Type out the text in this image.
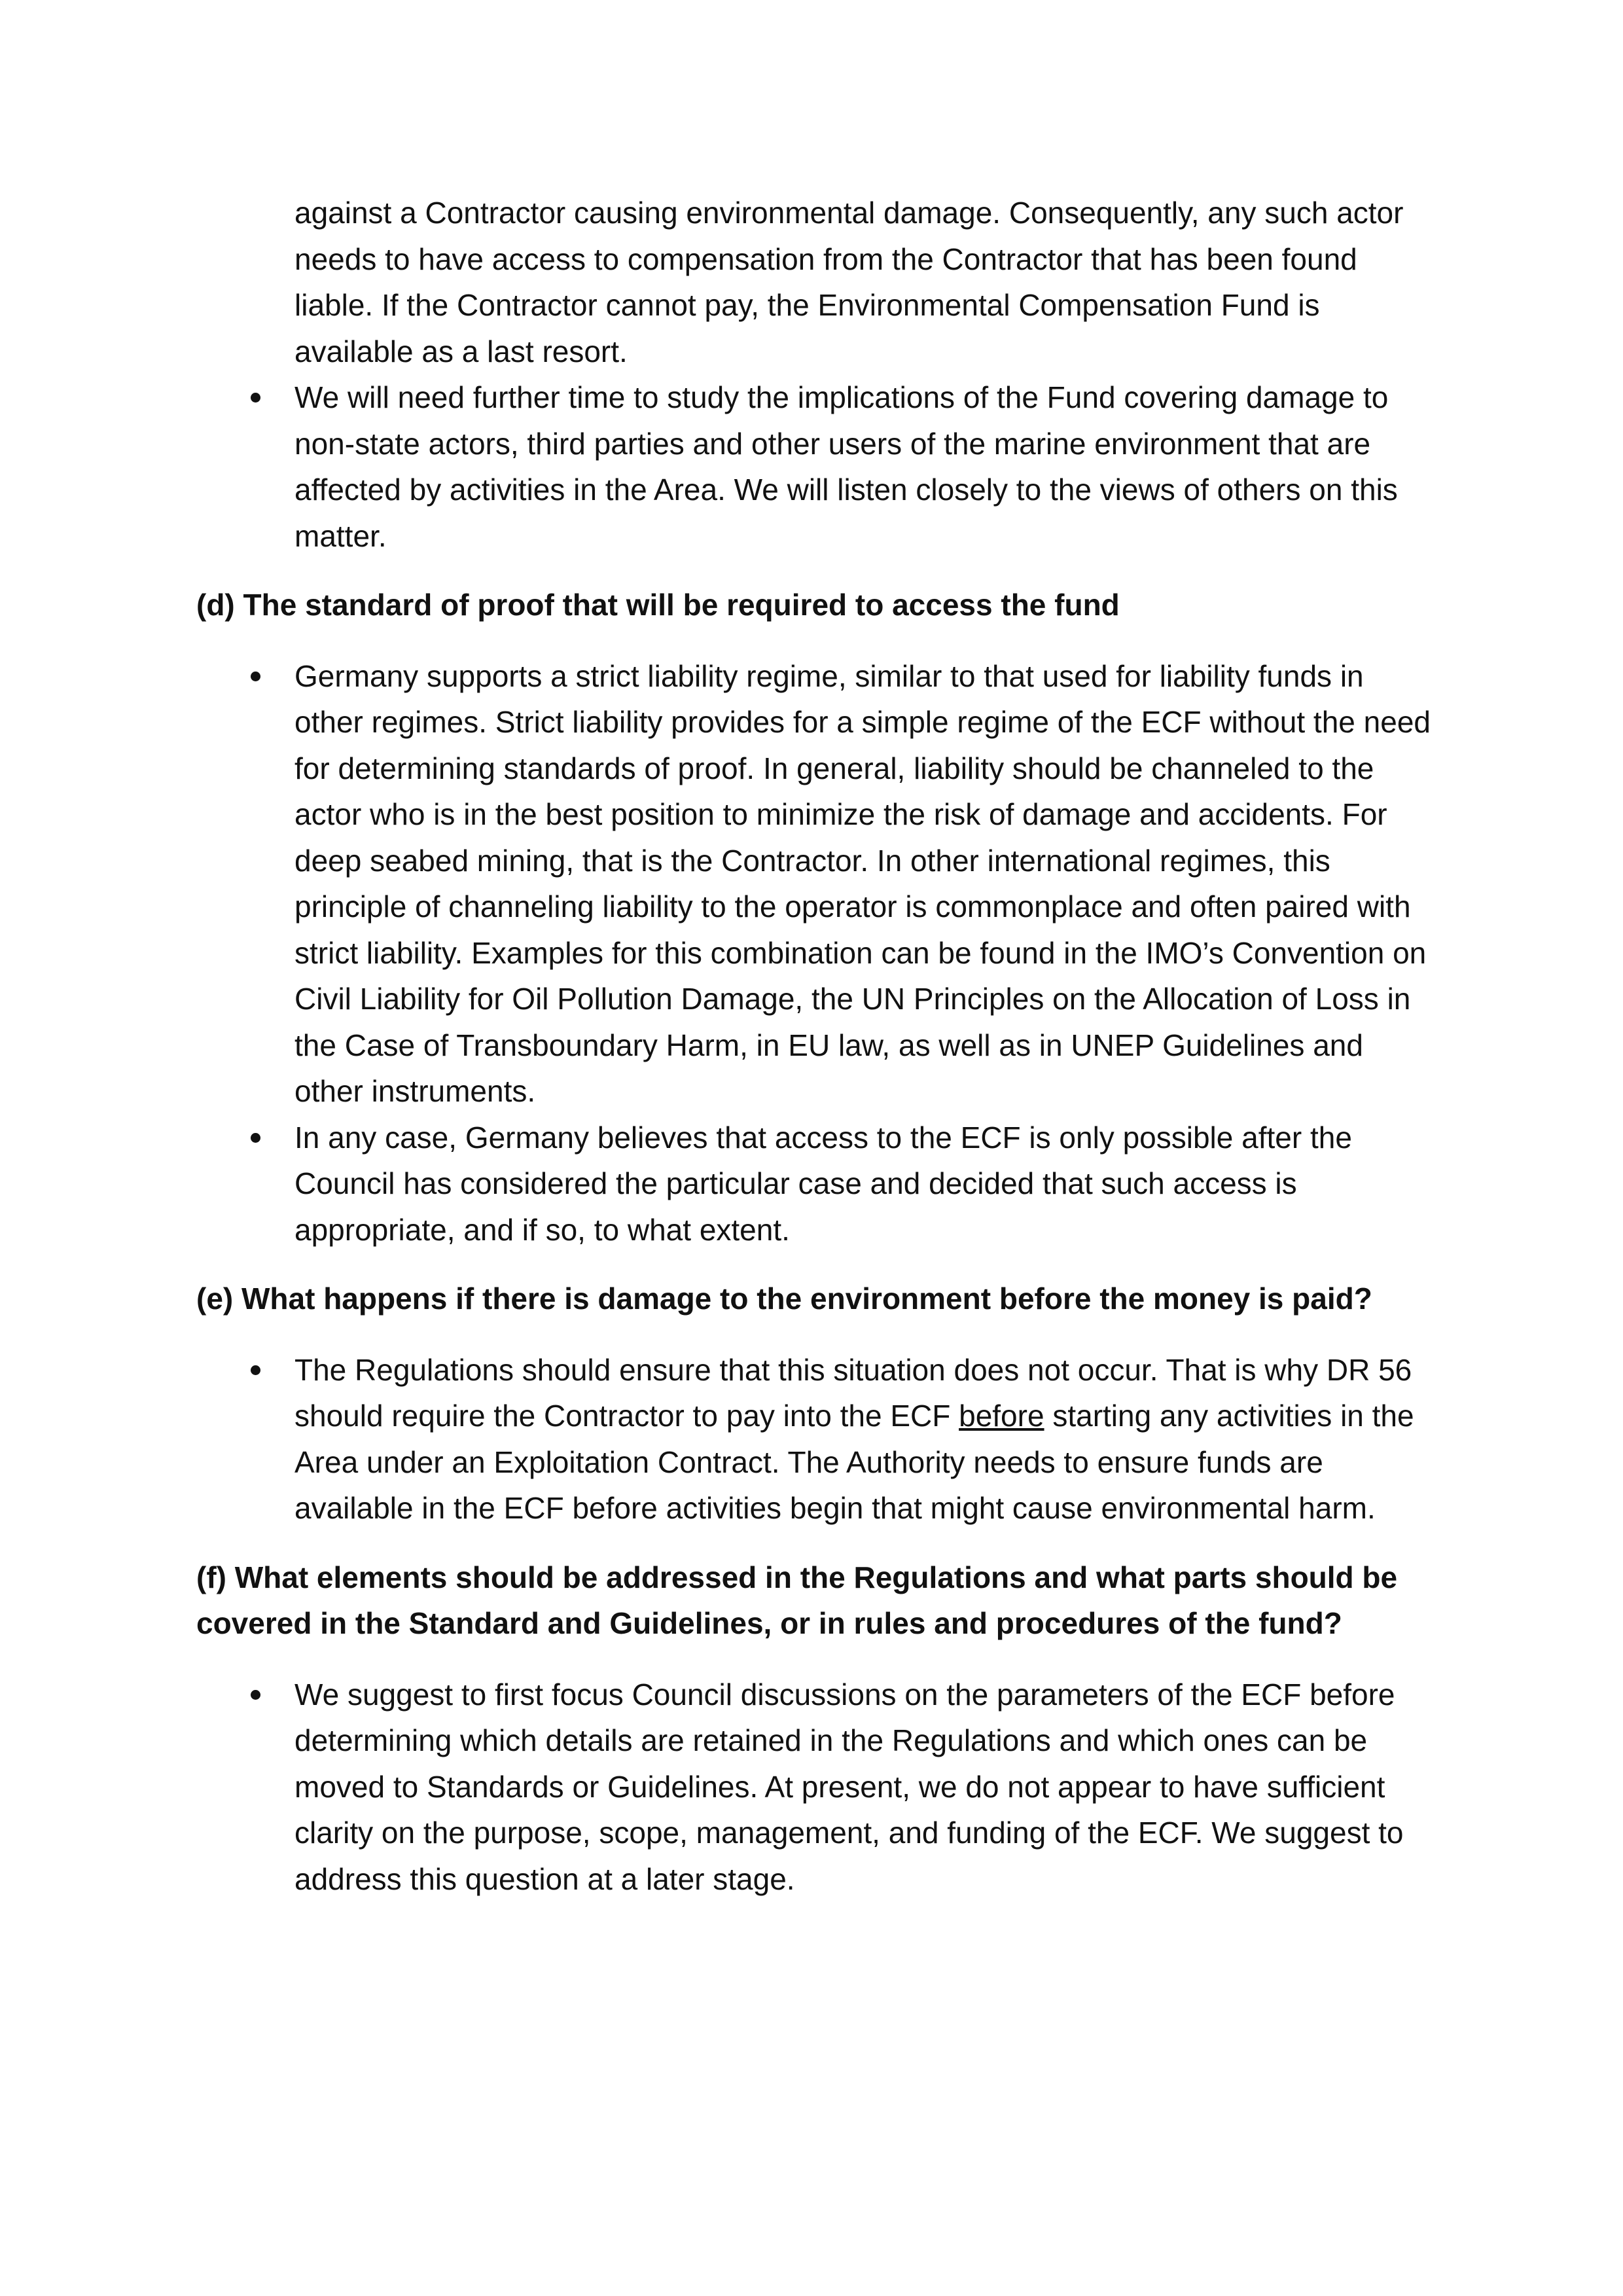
against a Contractor causing environmental damage. Consequently, any such actor needs to have access to compensation from the Contractor that has been found liable. If the Contractor cannot pay, the Environmental Compensation Fund is available as a last resort.

We will need further time to study the implications of the Fund covering damage to non-state actors, third parties and other users of the marine environment that are affected by activities in the Area. We will listen closely to the views of others on this matter.

(d) The standard of proof that will be required to access the fund

Germany supports a strict liability regime, similar to that used for liability funds in other regimes. Strict liability provides for a simple regime of the ECF without the need for determining standards of proof. In general, liability should be channeled to the actor who is in the best position to minimize the risk of damage and accidents. For deep seabed mining, that is the Contractor. In other international regimes, this principle of channeling liability to the operator is commonplace and often paired with strict liability. Examples for this combination can be found in the IMO’s Convention on Civil Liability for Oil Pollution Damage, the UN Principles on the Allocation of Loss in the Case of Transboundary Harm, in EU law, as well as in UNEP Guidelines and other instruments.
In any case, Germany believes that access to the ECF is only possible after the Council has considered the particular case and decided that such access is appropriate, and if so, to what extent.

(e) What happens if there is damage to the environment before the money is paid?

The Regulations should ensure that this situation does not occur. That is why DR 56 should require the Contractor to pay into the ECF before starting any activities in the Area under an Exploitation Contract. The Authority needs to ensure funds are available in the ECF before activities begin that might cause environmental harm.

(f) What elements should be addressed in the Regulations and what parts should be covered in the Standard and Guidelines, or in rules and procedures of the fund?

We suggest to first focus Council discussions on the parameters of the ECF before determining which details are retained in the Regulations and which ones can be moved to Standards or Guidelines. At present, we do not appear to have sufficient clarity on the purpose, scope, management, and funding of the ECF. We suggest to address this question at a later stage.
